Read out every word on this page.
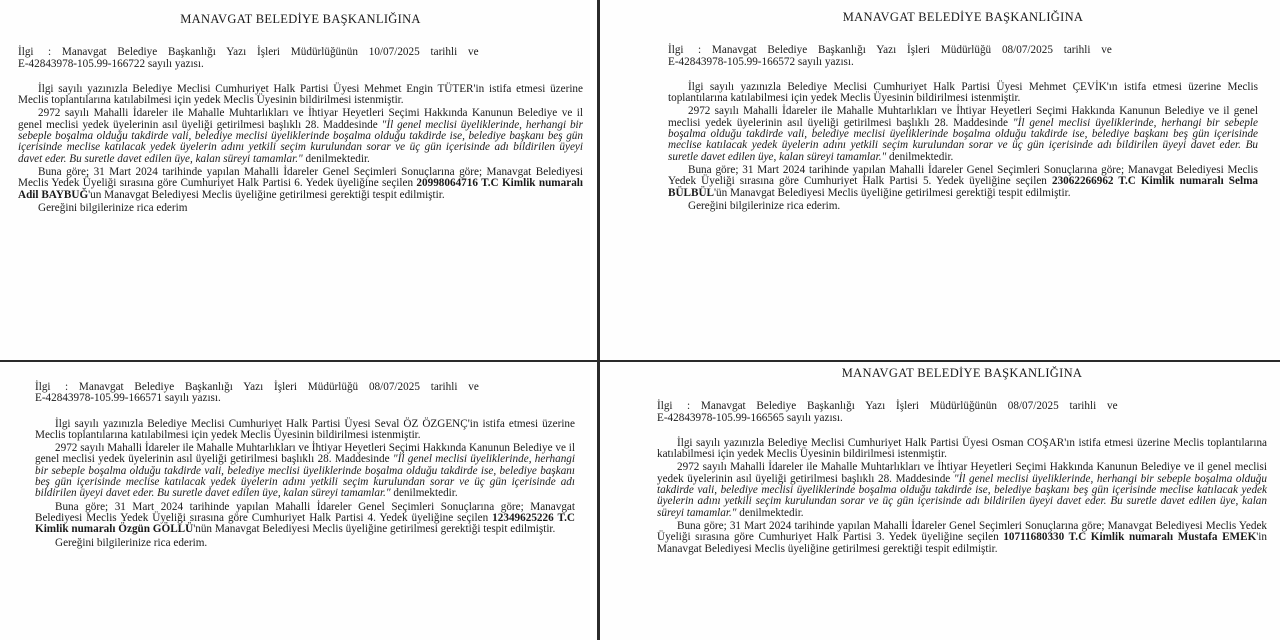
MANAVGAT BELEDİYE BAŞKANLIĞINA
İlgi	: Manavgat Belediye Başkanlığı Yazı İşleri Müdürlüğünün 10/07/2025 tarihli ve
E-42843978-105.99-166722 sayılı yazısı.

İlgi sayılı yazınızla Belediye Meclisi Cumhuriyet Halk Partisi Üyesi Mehmet Engin TÜTER'in istifa etmesi üzerine Meclis toplantılarına katılabilmesi için yedek Meclis Üyesinin bildirilmesi istenmiştir.

2972 sayılı Mahalli İdareler ile Mahalle Muhtarlıkları ve İhtiyar Heyetleri Seçimi Hakkında Kanunun Belediye ve il genel meclisi yedek üyelerinin asıl üyeliği getirilmesi başlıklı 28. Maddesinde "İl genel meclisi üyeliklerinde, herhangi bir sebeple boşalma olduğu takdirde vali, belediye meclisi üyeliklerinde boşalma olduğu takdirde ise, belediye başkanı beş gün içerisinde meclise katılacak yedek üyelerin adını yetkili seçim kurulundan sorar ve üç gün içerisinde adı bildirilen üyeyi davet eder. Bu suretle davet edilen üye, kalan süreyi tamamlar." denilmektedir.

Buna göre; 31 Mart 2024 tarihinde yapılan Mahalli İdareler Genel Seçimleri Sonuçlarına göre; Manavgat Belediyesi Meclis Yedek Üyeliği sırasına göre Cumhuriyet Halk Partisi 6. Yedek üyeliğine seçilen 20998064716 T.C Kimlik numaralı Adil BAYBUĞ'un Manavgat Belediyesi Meclis üyeliğine getirilmesi gerektiği tespit edilmiştir.

Gereğini bilgilerinize rica ederim

MANAVGAT BELEDİYE BAŞKANLIĞINA
İlgi	: Manavgat Belediye Başkanlığı Yazı İşleri Müdürlüğü 08/07/2025 tarihli ve
E-42843978-105.99-166572 sayılı yazısı.

İlgi sayılı yazınızla Belediye Meclisi Cumhuriyet Halk Partisi Üyesi Mehmet ÇEVİK'ın istifa etmesi üzerine Meclis toplantılarına katılabilmesi için yedek Meclis Üyesinin bildirilmesi istenmiştir.

2972 sayılı Mahalli İdareler ile Mahalle Muhtarlıkları ve İhtiyar Heyetleri Seçimi Hakkında Kanunun Belediye ve il genel meclisi yedek üyelerinin asıl üyeliği getirilmesi başlıklı 28. Maddesinde "İl genel meclisi üyeliklerinde, herhangi bir sebeple boşalma olduğu takdirde vali, belediye meclisi üyeliklerinde boşalma olduğu takdirde ise, belediye başkanı beş gün içerisinde meclise katılacak yedek üyelerin adını yetkili seçim kurulundan sorar ve üç gün içerisinde adı bildirilen üyeyi davet eder. Bu suretle davet edilen üye, kalan süreyi tamamlar." denilmektedir.

Buna göre; 31 Mart 2024 tarihinde yapılan Mahalli İdareler Genel Seçimleri Sonuçlarına göre; Manavgat Belediyesi Meclis Yedek Üyeliği sırasına göre Cumhuriyet Halk Partisi 5. Yedek üyeliğine seçilen 23062266962 T.C Kimlik numaralı Selma BÜLBÜL'ün Manavgat Belediyesi Meclis üyeliğine getirilmesi gerektiği tespit edilmiştir.

Gereğini bilgilerinize rica ederim.

İlgi	: Manavgat Belediye Başkanlığı Yazı İşleri Müdürlüğü 08/07/2025 tarihli ve
E-42843978-105.99-166571 sayılı yazısı.

İlgi sayılı yazınızla Belediye Meclisi Cumhuriyet Halk Partisi Üyesi Seval ÖZ ÖZGENÇ'in istifa etmesi üzerine Meclis toplantılarına katılabilmesi için yedek Meclis Üyesinin bildirilmesi istenmiştir.

2972 sayılı Mahalli İdareler ile Mahalle Muhtarlıkları ve İhtiyar Heyetleri Seçimi Hakkında Kanunun Belediye ve il genel meclisi yedek üyelerinin asıl üyeliği getirilmesi başlıklı 28. Maddesinde "İl genel meclisi üyeliklerinde, herhangi bir sebeple boşalma olduğu takdirde vali, belediye meclisi üyeliklerinde boşalma olduğu takdirde ise, belediye başkanı beş gün içerisinde meclise katılacak yedek üyelerin adını yetkili seçim kurulundan sorar ve üç gün içerisinde adı bildirilen üyeyi davet eder. Bu suretle davet edilen üye, kalan süreyi tamamlar." denilmektedir.

Buna göre; 31 Mart 2024 tarihinde yapılan Mahalli İdareler Genel Seçimleri Sonuçlarına göre; Manavgat Belediyesi Meclis Yedek Üyeliği sırasına göre Cumhuriyet Halk Partisi 4. Yedek üyeliğine seçilen 12349625226 T.C Kimlik numaralı Özgün GÖLLÜ'nün Manavgat Belediyesi Meclis üyeliğine getirilmesi gerektiği tespit edilmiştir.

Gereğini bilgilerinize rica ederim.

MANAVGAT BELEDİYE BAŞKANLIĞINA
İlgi	: Manavgat Belediye Başkanlığı Yazı İşleri Müdürlüğünün 08/07/2025 tarihli ve
E-42843978-105.99-166565 sayılı yazısı.

İlgi sayılı yazınızla Belediye Meclisi Cumhuriyet Halk Partisi Üyesi Osman COŞAR'ın istifa etmesi üzerine Meclis toplantılarına katılabilmesi için yedek Meclis Üyesinin bildirilmesi istenmiştir.

2972 sayılı Mahalli İdareler ile Mahalle Muhtarlıkları ve İhtiyar Heyetleri Seçimi Hakkında Kanunun Belediye ve il genel meclisi yedek üyelerinin asıl üyeliği getirilmesi başlıklı 28. Maddesinde "İl genel meclisi üyeliklerinde, herhangi bir sebeple boşalma olduğu takdirde vali, belediye meclisi üyeliklerinde boşalma olduğu takdirde ise, belediye başkanı beş gün içerisinde meclise katılacak yedek üyelerin adını yetkili seçim kurulundan sorar ve üç gün içerisinde adı bildirilen üyeyi davet eder. Bu suretle davet edilen üye, kalan süreyi tamamlar." denilmektedir.

Buna göre; 31 Mart 2024 tarihinde yapılan Mahalli İdareler Genel Seçimleri Sonuçlarına göre; Manavgat Belediyesi Meclis Yedek Üyeliği sırasına göre Cumhuriyet Halk Partisi 3. Yedek üyeliğine seçilen 10711680330 T.C Kimlik numaralı Mustafa EMEK'in Manavgat Belediyesi Meclis üyeliğine getirilmesi gerektiği tespit edilmiştir.
